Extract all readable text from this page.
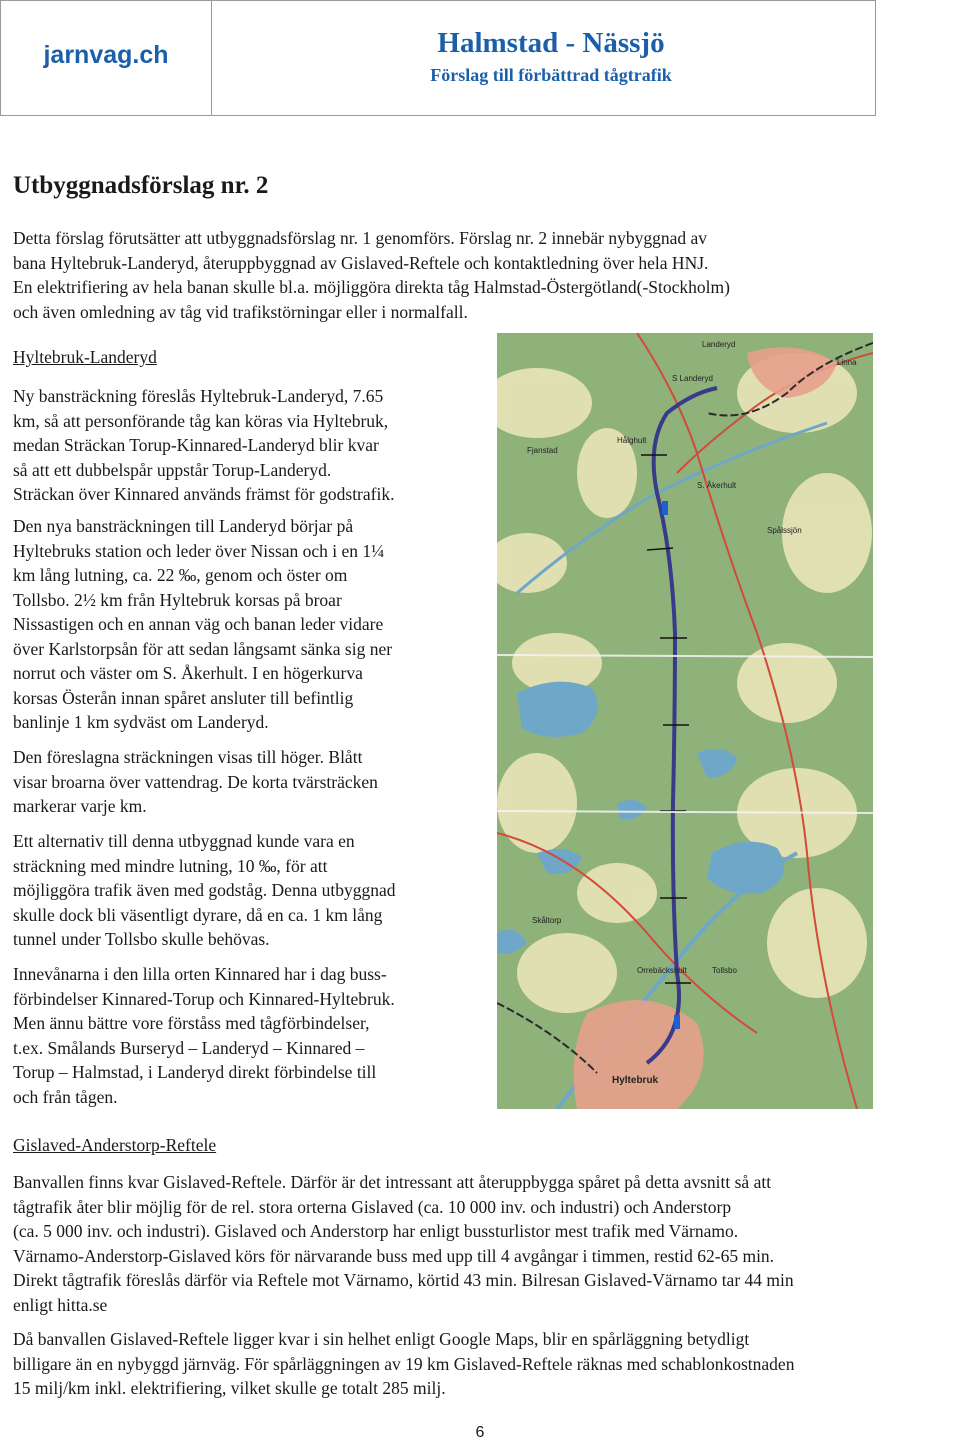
jarnvag.ch	Halmstad - Nässjö
Förslag till förbättrad tågtrafik
Utbyggnadsförslag nr. 2
Detta förslag förutsätter att utbyggnadsförslag nr. 1 genomförs. Förslag nr. 2 innebär nybyggnad av
bana Hyltebruk-Landeryd, återuppbyggnad av Gislaved-Reftele och kontaktledning över hela HNJ.
En elektrifiering av hela banan skulle bl.a. möjliggöra direkta tåg Halmstad-Östergötland(-Stockholm)
och även omledning av tåg vid trafikstörningar eller i normalfall.
Hyltebruk-Landeryd
Ny bansträckning föreslås Hyltebruk-Landeryd, 7.65
km, så att personförande tåg kan köras via Hyltebruk,
medan Sträckan Torup-Kinnared-Landeryd blir kvar
så att ett dubbelspår uppstår Torup-Landeryd.
Sträckan över Kinnared används främst för godstrafik.
Den nya bansträckningen till Landeryd börjar på
Hyltebruks station och leder över Nissan och i en 1¼
km lång lutning, ca. 22 ‰, genom och öster om
Tollsbo. 2½ km från Hyltebruk korsas på broar
Nissastigen och en annan väg och banan leder vidare
över Karlstorpsån för att sedan långsamt sänka sig ner
norrut och väster om S. Åkerhult. I en högerkurva
korsas Österån innan spåret ansluter till befintlig
banlinje 1 km sydväst om Landeryd.
Den föreslagna sträckningen visas till höger. Blått
visar broarna över vattendrag. De korta tvärsträcken
markerar varje km.
Ett alternativ till denna utbyggnad kunde vara en
sträckning med mindre lutning, 10 ‰, för att
möjliggöra trafik även med godståg. Denna utbyggnad
skulle dock bli väsentligt dyrare, då en ca. 1 km lång
tunnel under Tollsbo skulle behövas.
Innevånarna i den lilla orten Kinnared har i dag buss-
förbindelser Kinnared-Torup och Kinnared-Hyltebruk.
Men ännu bättre vore förståss med tågförbindelser,
t.ex. Smålands Burseryd – Landeryd – Kinnared –
Torup – Halmstad, i Landeryd direkt förbindelse till
och från tågen.
Landeryd
S Landeryd
Hålghult
Fjanstad
S. Åkerhult
Hyltebruk
Skåltorp
Tollsbo
Orrebäckshult
Spålssjön
Linna
Gislaved-Anderstorp-Reftele
Banvallen finns kvar Gislaved-Reftele. Därför är det intressant att återuppbygga spåret på detta avsnitt så att
tågtrafik åter blir möjlig för de rel. stora orterna Gislaved (ca. 10 000 inv. och industri) och Anderstorp
(ca. 5 000 inv. och industri). Gislaved och Anderstorp har enligt bussturlistor mest trafik med Värnamo.
Värnamo-Anderstorp-Gislaved körs för närvarande buss med upp till 4 avgångar i timmen, restid 62-65 min.
Direkt tågtrafik föreslås därför via Reftele mot Värnamo, körtid 43 min. Bilresan Gislaved-Värnamo tar 44 min
enligt hitta.se
Då banvallen Gislaved-Reftele ligger kvar i sin helhet enligt Google Maps, blir en spårläggning betydligt
billigare än en nybyggd järnväg. För spårläggningen av 19 km Gislaved-Reftele räknas med schablonkostnaden
15 milj/km inkl. elektrifiering, vilket skulle ge totalt 285 milj.
6
